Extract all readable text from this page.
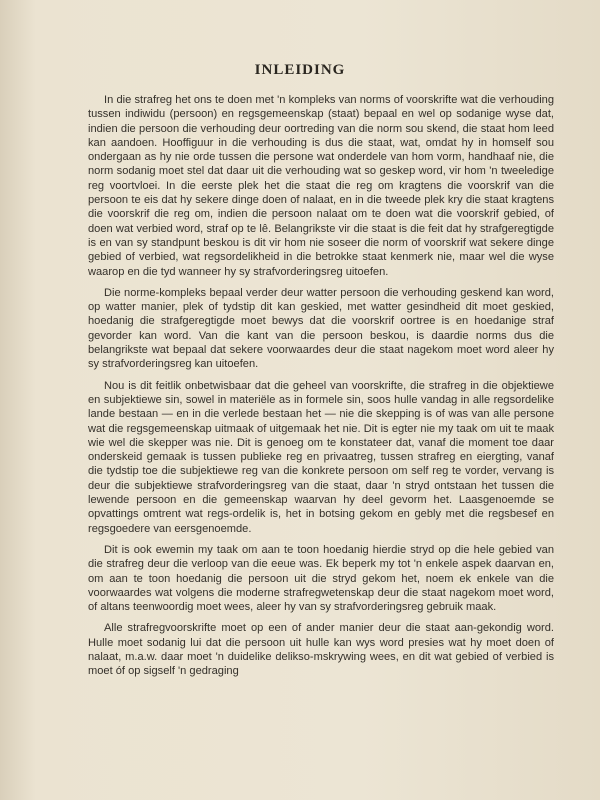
INLEIDING

In die strafreg het ons te doen met 'n kompleks van norms of voorskrifte wat die verhouding tussen indiwidu (persoon) en regsgemeenskap (staat) bepaal en wel op sodanige wyse dat, indien die persoon die verhouding deur oortreding van die norm sou skend, die staat hom leed kan aandoen. Hooffiguur in die verhouding is dus die staat, wat, omdat hy in homself sou ondergaan as hy nie orde tussen die persone wat onderdele van hom vorm, handhaaf nie, die norm sodanig moet stel dat daar uit die verhouding wat so geskep word, vir hom 'n tweeledige reg voortvloei. In die eerste plek het die staat die reg om kragtens die voorskrif van die persoon te eis dat hy sekere dinge doen of nalaat, en in die tweede plek kry die staat kragtens die voorskrif die reg om, indien die persoon nalaat om te doen wat die voorskrif gebied, of doen wat verbied word, straf op te lê. Belangrikste vir die staat is die feit dat hy strafgeregtigde is en van sy standpunt beskou is dit vir hom nie soseer die norm of voorskrif wat sekere dinge gebied of verbied, wat regsordelikheid in die betrokke staat kenmerk nie, maar wel die wyse waarop en die tyd wanneer hy sy strafvorderingsreg uitoefen.

Die norme-kompleks bepaal verder deur watter persoon die verhouding geskend kan word, op watter manier, plek of tydstip dit kan geskied, met watter gesindheid dit moet geskied, hoedanig die strafgeregtigde moet bewys dat die voorskrif oortree is en hoedanige straf gevorder kan word. Van die kant van die persoon beskou, is daardie norms dus die belangrikste wat bepaal dat sekere voorwaardes deur die staat nagekom moet word aleer hy sy strafvorderingsreg kan uitoefen.

Nou is dit feitlik onbetwisbaar dat die geheel van voorskrifte, die strafreg in die objektiewe en subjektiewe sin, sowel in materiële as in formele sin, soos hulle vandag in alle regsordelike lande bestaan — en in die verlede bestaan het — nie die skepping is of was van alle persone wat die regsgemeenskap uitmaak of uitgemaak het nie. Dit is egter nie my taak om uit te maak wie wel die skepper was nie. Dit is genoeg om te konstateer dat, vanaf die moment toe daar onderskeid gemaak is tussen publieke reg en privaatreg, tussen strafreg en eiergting, vanaf die tydstip toe die subjektiewe reg van die konkrete persoon om self reg te vorder, vervang is deur die subjektiewe strafvorderingsreg van die staat, daar 'n stryd ontstaan het tussen die lewende persoon en die gemeenskap waarvan hy deel gevorm het. Laasgenoemde se opvattings omtrent wat regs-ordelik is, het in botsing gekom en gebly met die regsbesef en regsgoedere van eersgenoemde.

Dit is ook ewemin my taak om aan te toon hoedanig hierdie stryd op die hele gebied van die strafreg deur die verloop van die eeue was. Ek beperk my tot 'n enkele aspek daarvan en, om aan te toon hoedanig die persoon uit die stryd gekom het, noem ek enkele van die voorwaardes wat volgens die moderne strafregwetenskap deur die staat nagekom moet word, of altans teenwoordig moet wees, aleer hy van sy strafvorderingsreg gebruik maak.

Alle strafregvoorskrifte moet op een of ander manier deur die staat aan-gekondig word. Hulle moet sodanig lui dat die persoon uit hulle kan wys word presies wat hy moet doen of nalaat, m.a.w. daar moet 'n duidelike delikso-mskrywing wees, en dit wat gebied of verbied is moet óf op sigself 'n gedraging
